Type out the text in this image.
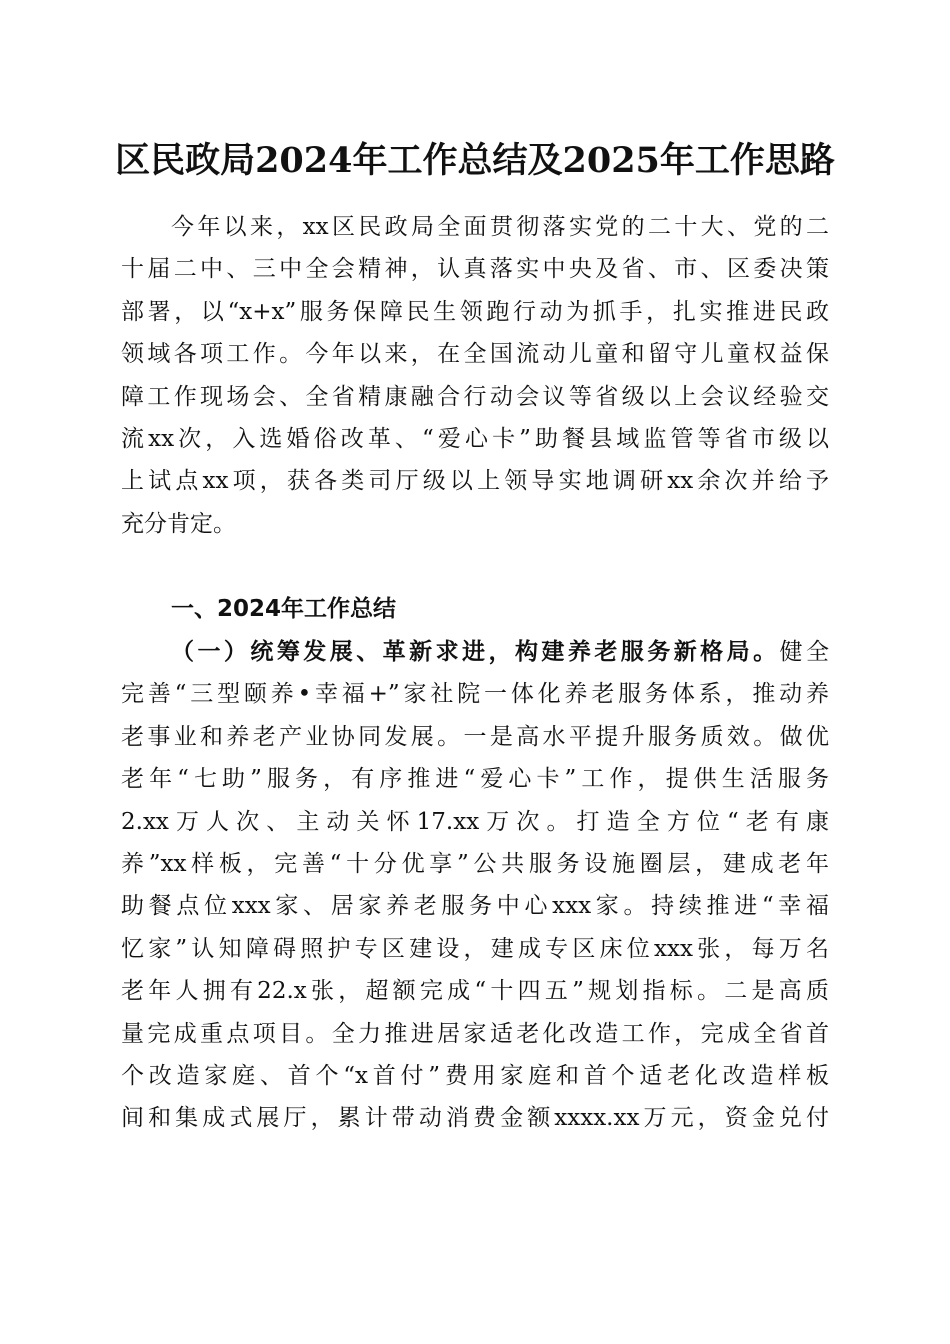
区民政局2024年工作总结及2025年工作思路
今年以来，xx区民政局全面贯彻落实党的二十大、党的二
十届二中、三中全会精神，认真落实中央及省、市、区委决策
部署，以“x+x”服务保障民生领跑行动为抓手，扎实推进民政
领域各项工作。今年以来，在全国流动儿童和留守儿童权益保
障工作现场会、全省精康融合行动会议等省级以上会议经验交
流xx次，入选婚俗改革、“爱心卡”助餐县域监管等省市级以
上试点xx项，获各类司厅级以上领导实地调研xx余次并给予
充分肯定。
一、2024年工作总结
（一）统筹发展、革新求进，构建养老服务新格局。健全
完善“三型颐养•幸福+”家社院一体化养老服务体系，推动养
老事业和养老产业协同发展。一是高水平提升服务质效。做优
老年“七助”服务，有序推进“爱心卡”工作，提供生活服务
2.xx万人次、主动关怀17.xx万次。打造全方位“老有康
养”xx样板，完善“十分优享”公共服务设施圈层，建成老年
助餐点位xxx家、居家养老服务中心xxx家。持续推进“幸福
忆家”认知障碍照护专区建设，建成专区床位xxx张，每万名
老年人拥有22.x张，超额完成“十四五”规划指标。二是高质
量完成重点项目。全力推进居家适老化改造工作，完成全省首
个改造家庭、首个“x首付”费用家庭和首个适老化改造样板
间和集成式展厅，累计带动消费金额xxxx.xx万元，资金兑付
